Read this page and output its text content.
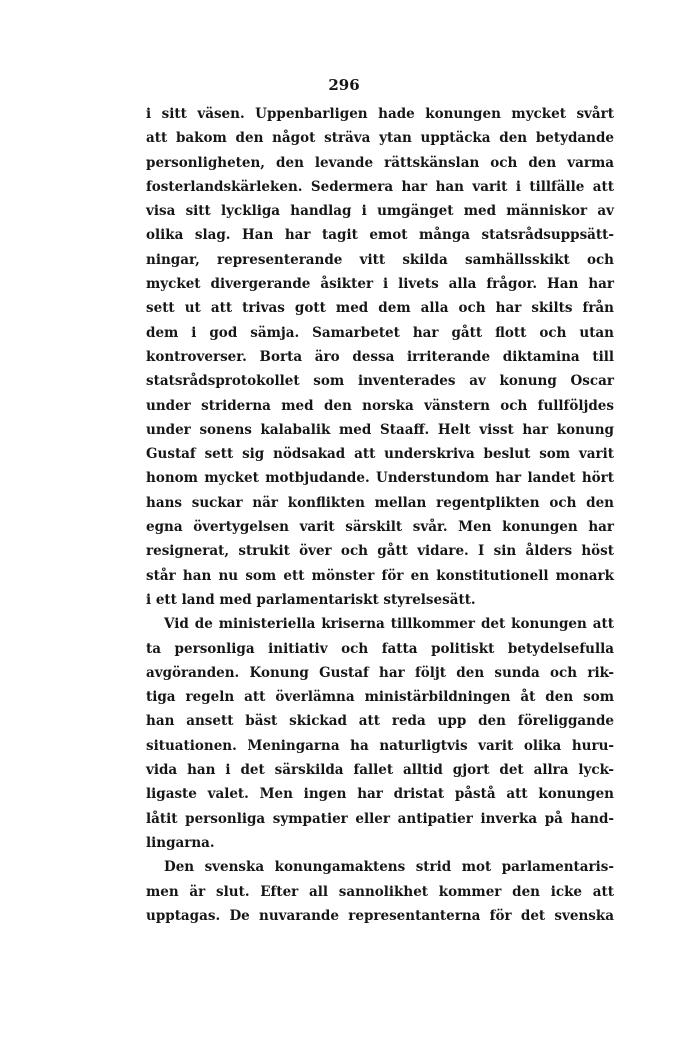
296
i sitt väsen. Uppenbarligen hade konungen mycket svårt
att bakom den något sträva ytan upptäcka den betydande
personligheten, den levande rättskänslan och den varma
fosterlandskärleken. Sedermera har han varit i tillfälle att
visa sitt lyckliga handlag i umgänget med människor av
olika slag. Han har tagit emot många statsrådsuppsätt-
ningar, representerande vitt skilda samhällsskikt och
mycket divergerande åsikter i livets alla frågor. Han har
sett ut att trivas gott med dem alla och har skilts från
dem i god sämja. Samarbetet har gått flott och utan
kontroverser. Borta äro dessa irriterande diktamina till
statsrådsprotokollet som inventerades av konung Oscar
under striderna med den norska vänstern och fullföljdes
under sonens kalabalik med Staaff. Helt visst har konung
Gustaf sett sig nödsakad att underskriva beslut som varit
honom mycket motbjudande. Understundom har landet hört
hans suckar när konflikten mellan regentplikten och den
egna övertygelsen varit särskilt svår. Men konungen har
resignerat, strukit över och gått vidare. I sin ålders höst
står han nu som ett mönster för en konstitutionell monark
i ett land med parlamentariskt styrelsesätt.
Vid de ministeriella kriserna tillkommer det konungen att
ta personliga initiativ och fatta politiskt betydelsefulla
avgöranden. Konung Gustaf har följt den sunda och rik-
tiga regeln att överlämna ministärbildningen åt den som
han ansett bäst skickad att reda upp den föreliggande
situationen. Meningarna ha naturligtvis varit olika huru-
vida han i det särskilda fallet alltid gjort det allra lyck-
ligaste valet. Men ingen har dristat påstå att konungen
låtit personliga sympatier eller antipatier inverka på hand-
lingarna.
Den svenska konungamaktens strid mot parlamentaris-
men är slut. Efter all sannolikhet kommer den icke att
upptagas. De nuvarande representanterna för det svenska
